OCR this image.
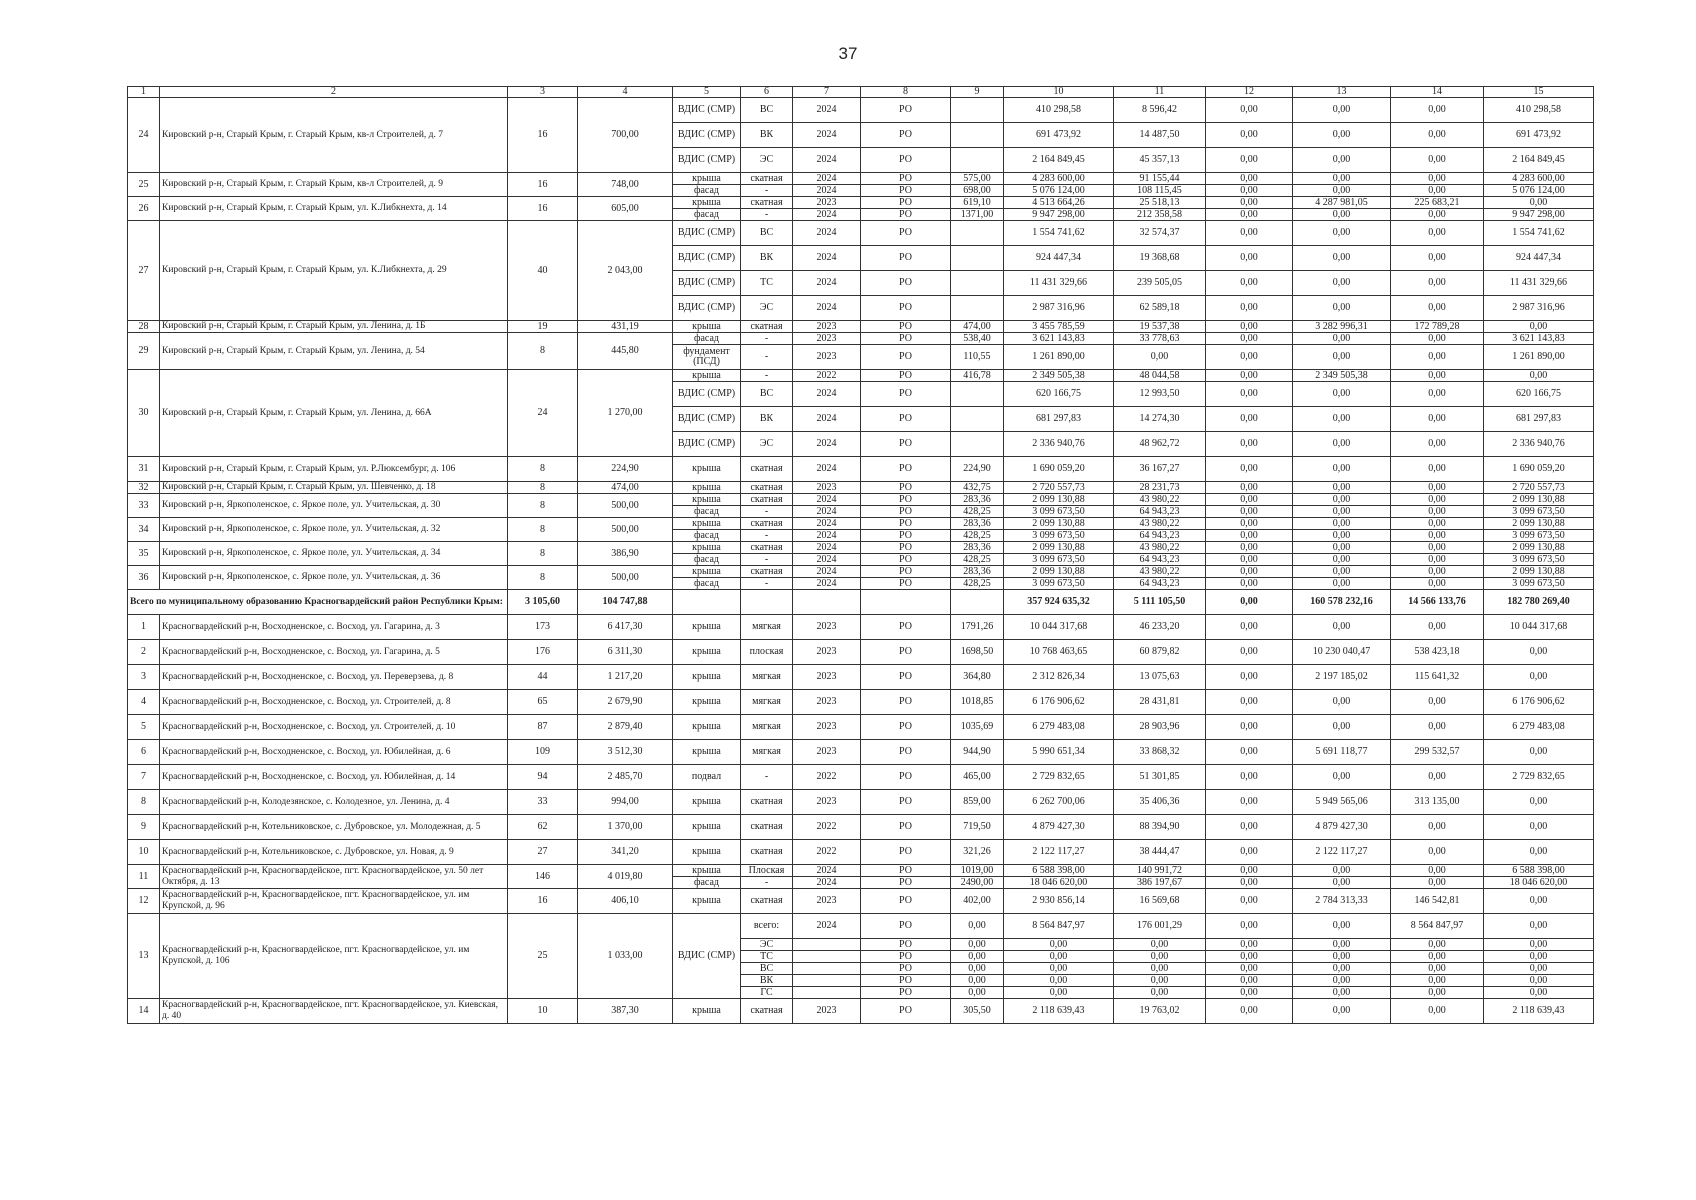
37
1	2	3	4	5	6	7	8	9	10	11	12	13	14	15
24	Кировский р-н, Старый Крым, г. Старый Крым, кв-л Строителей, д. 7	16	700,00	ВДИС (СМР)	ВС	2024	РО		410 298,58	8 596,42	0,00	0,00	0,00	410 298,58
				ВДИС (СМР)	ВК	2024	РО		691 473,92	14 487,50	0,00	0,00	0,00	691 473,92
				ВДИС (СМР)	ЭС	2024	РО		2 164 849,45	45 357,13	0,00	0,00	0,00	2 164 849,45
25	Кировский р-н, Старый Крым, г. Старый Крым, кв-л Строителей, д. 9	16	748,00	крыша	скатная	2024	РО	575,00	4 283 600,00	91 155,44	0,00	0,00	0,00	4 283 600,00
				фасад	-	2024	РО	698,00	5 076 124,00	108 115,45	0,00	0,00	0,00	5 076 124,00
26	Кировский р-н, Старый Крым, г. Старый Крым, ул. К.Либкнехта, д. 14	16	605,00	крыша	скатная	2023	РО	619,10	4 513 664,26	25 518,13	0,00	4 287 981,05	225 683,21	0,00
				фасад	-	2024	РО	1371,00	9 947 298,00	212 358,58	0,00	0,00	0,00	9 947 298,00
27	Кировский р-н, Старый Крым, г. Старый Крым, ул. К.Либкнехта, д. 29	40	2 043,00	ВДИС (СМР)	ВС	2024	РО		1 554 741,62	32 574,37	0,00	0,00	0,00	1 554 741,62
				ВДИС (СМР)	ВК	2024	РО		924 447,34	19 368,68	0,00	0,00	0,00	924 447,34
				ВДИС (СМР)	ТС	2024	РО		11 431 329,66	239 505,05	0,00	0,00	0,00	11 431 329,66
				ВДИС (СМР)	ЭС	2024	РО		2 987 316,96	62 589,18	0,00	0,00	0,00	2 987 316,96
28	Кировский р-н, Старый Крым, г. Старый Крым, ул. Ленина, д. 1Б	19	431,19	крыша	скатная	2023	РО	474,00	3 455 785,59	19 537,38	0,00	3 282 996,31	172 789,28	0,00
29	Кировский р-н, Старый Крым, г. Старый Крым, ул. Ленина, д. 54	8	445,80	фасад	-	2023	РО	538,40	3 621 143,83	33 778,63	0,00	0,00	0,00	3 621 143,83
				фундамент (ПСД)	-	2023	РО	110,55	1 261 890,00	0,00	0,00	0,00	0,00	1 261 890,00
30	Кировский р-н, Старый Крым, г. Старый Крым, ул. Ленина, д. 66А	24	1 270,00	крыша	-	2022	РО	416,78	2 349 505,38	48 044,58	0,00	2 349 505,38	0,00	0,00
				ВДИС (СМР)	ВС	2024	РО		620 166,75	12 993,50	0,00	0,00	0,00	620 166,75
				ВДИС (СМР)	ВК	2024	РО		681 297,83	14 274,30	0,00	0,00	0,00	681 297,83
				ВДИС (СМР)	ЭС	2024	РО		2 336 940,76	48 962,72	0,00	0,00	0,00	2 336 940,76
31	Кировский р-н, Старый Крым, г. Старый Крым, ул. Р.Люксембург, д. 106	8	224,90	крыша	скатная	2024	РО	224,90	1 690 059,20	36 167,27	0,00	0,00	0,00	1 690 059,20
32	Кировский р-н, Старый Крым, г. Старый Крым, ул. Шевченко, д. 18	8	474,00	крыша	скатная	2023	РО	432,75	2 720 557,73	28 231,73	0,00	0,00	0,00	2 720 557,73
33	Кировский р-н, Яркополенское, с. Яркое поле, ул. Учительская, д. 30	8	500,00	крыша	скатная	2024	РО	283,36	2 099 130,88	43 980,22	0,00	0,00	0,00	2 099 130,88
				фасад	-	2024	РО	428,25	3 099 673,50	64 943,23	0,00	0,00	0,00	3 099 673,50
34	Кировский р-н, Яркополенское, с. Яркое поле, ул. Учительская, д. 32	8	500,00	крыша	скатная	2024	РО	283,36	2 099 130,88	43 980,22	0,00	0,00	0,00	2 099 130,88
				фасад	-	2024	РО	428,25	3 099 673,50	64 943,23	0,00	0,00	0,00	3 099 673,50
35	Кировский р-н, Яркополенское, с. Яркое поле, ул. Учительская, д. 34	8	386,90	крыша	скатная	2024	РО	283,36	2 099 130,88	43 980,22	0,00	0,00	0,00	2 099 130,88
				фасад	-	2024	РО	428,25	3 099 673,50	64 943,23	0,00	0,00	0,00	3 099 673,50
36	Кировский р-н, Яркополенское, с. Яркое поле, ул. Учительская, д. 36	8	500,00	крыша	скатная	2024	РО	283,36	2 099 130,88	43 980,22	0,00	0,00	0,00	2 099 130,88
				фасад	-	2024	РО	428,25	3 099 673,50	64 943,23	0,00	0,00	0,00	3 099 673,50
Всего по муниципальному образованию Красногвардейский район Республики Крым:		3 105,60	104 747,88						357 924 635,32	5 111 105,50	0,00	160 578 232,16	14 566 133,76	182 780 269,40
1	Красногвардейский р-н, Восходненское, с. Восход, ул. Гагарина, д. 3	173	6 417,30	крыша	мягкая	2023	РО	1791,26	10 044 317,68	46 233,20	0,00	0,00	0,00	10 044 317,68
2	Красногвардейский р-н, Восходненское, с. Восход, ул. Гагарина, д. 5	176	6 311,30	крыша	плоская	2023	РО	1698,50	10 768 463,65	60 879,82	0,00	10 230 040,47	538 423,18	0,00
3	Красногвардейский р-н, Восходненское, с. Восход, ул. Переверзева, д. 8	44	1 217,20	крыша	мягкая	2023	РО	364,80	2 312 826,34	13 075,63	0,00	2 197 185,02	115 641,32	0,00
4	Красногвардейский р-н, Восходненское, с. Восход, ул. Строителей, д. 8	65	2 679,90	крыша	мягкая	2023	РО	1018,85	6 176 906,62	28 431,81	0,00	0,00	0,00	6 176 906,62
5	Красногвардейский р-н, Восходненское, с. Восход, ул. Строителей, д. 10	87	2 879,40	крыша	мягкая	2023	РО	1035,69	6 279 483,08	28 903,96	0,00	0,00	0,00	6 279 483,08
6	Красногвардейский р-н, Восходненское, с. Восход, ул. Юбилейная, д. 6	109	3 512,30	крыша	мягкая	2023	РО	944,90	5 990 651,34	33 868,32	0,00	5 691 118,77	299 532,57	0,00
7	Красногвардейский р-н, Восходненское, с. Восход, ул. Юбилейная, д. 14	94	2 485,70	подвал	-	2022	РО	465,00	2 729 832,65	51 301,85	0,00	0,00	0,00	2 729 832,65
8	Красногвардейский р-н, Колодезянское, с. Колодезное, ул. Ленина, д. 4	33	994,00	крыша	скатная	2023	РО	859,00	6 262 700,06	35 406,36	0,00	5 949 565,06	313 135,00	0,00
9	Красногвардейский р-н, Котельниковское, с. Дубровское, ул. Молодежная, д. 5	62	1 370,00	крыша	скатная	2022	РО	719,50	4 879 427,30	88 394,90	0,00	4 879 427,30	0,00	0,00
10	Красногвардейский р-н, Котельниковское, с. Дубровское, ул. Новая, д. 9	27	341,20	крыша	скатная	2022	РО	321,26	2 122 117,27	38 444,47	0,00	2 122 117,27	0,00	0,00
11	Красногвардейский р-н, Красногвардейское, пгт. Красногвардейское, ул. 50 лет Октября, д. 13	146	4 019,80	крыша	Плоская	2024	РО	1019,00	6 588 398,00	140 991,72	0,00	0,00	0,00	6 588 398,00
				фасад	-	2024	РО	2490,00	18 046 620,00	386 197,67	0,00	0,00	0,00	18 046 620,00
12	Красногвардейский р-н, Красногвардейское, пгт. Красногвардейское, ул. им Крупской, д. 96	16	406,10	крыша	скатная	2023	РО	402,00	2 930 856,14	16 569,68	0,00	2 784 313,33	146 542,81	0,00
13	Красногвардейский р-н, Красногвардейское, пгт. Красногвардейское, ул. им Крупской, д. 106	25	1 033,00	ВДИС (СМР)	всего:	2024	РО	0,00	8 564 847,97	176 001,29	0,00	0,00	8 564 847,97	0,00
					ЭС		РО	0,00	0,00	0,00	0,00	0,00	0,00	0,00
					ТС		РО	0,00	0,00	0,00	0,00	0,00	0,00	0,00
					ВС		РО	0,00	0,00	0,00	0,00	0,00	0,00	0,00
					ВК		РО	0,00	0,00	0,00	0,00	0,00	0,00	0,00
					ГС		РО	0,00	0,00	0,00	0,00	0,00	0,00	0,00
14	Красногвардейский р-н, Красногвардейское, пгт. Красногвардейское, ул. Киевская, д. 40	10	387,30	крыша	скатная	2023	РО	305,50	2 118 639,43	19 763,02	0,00	0,00	0,00	2 118 639,43
